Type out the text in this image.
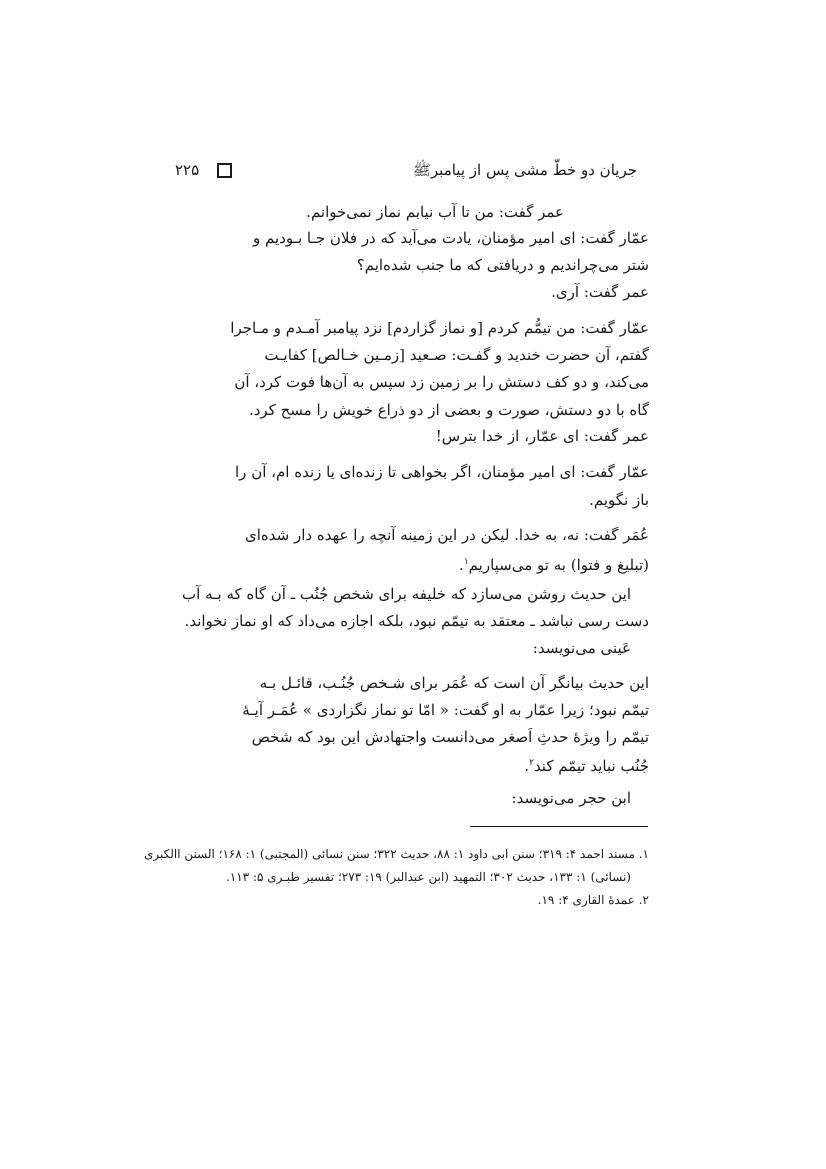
جریان دو خطّ مشی پس از پیامبرﷺ
۲۲۵
عمر گفت: من تا آب نیابم نماز نمی‌خوانم.
عمّار گفت: ای امیر مؤمنان، یادت می‌آید که در فلان جـا بـودیم و
شتر می‌چراندیم و دریافتی که ما جنب شده‌ایم؟
عمر گفت: آری.
عمّار گفت: من تیمُّم کردم [و نماز گزاردم] نزد پیامبر آمـدم و مـاجرا
گفتم، آن حضرت خندید و گفـت: صـعید [زمـین خـالص] کفایـت
می‌کند، و دو کف دستش را بر زمین زد سپس به آن‌ها فوت کرد، آن
گاه با دو دستش، صورت و بعضی از دو ذراع خویش را مسح کرد.
عمر گفت: ای عمّار، از خدا بترس!
عمّار گفت: ای امیر مؤمنان، اگر بخواهی تا زنده‌ای یا زنده ام، آن را
باز نگویم.
عُمَر گفت: نه، به خدا. لیکن در این زمینه آنچه را عهده دار شده‌ای
(تبلیغ و فتوا) به تو می‌سپاریم$^۱$.
این حدیث روشن می‌سازد که خلیفه برای شخص جُنُب ـ آن گاه که بـه آب
دست رسی نباشد ـ معتقد به تیمّم نبود، بلکه اجازه می‌داد که او نماز نخواند.
عَینی می‌نویسد:
این حدیث بیانگر آن است که عُمَر برای شـخص جُنُـب، قائـل بـه
تیمّم نبود؛ زیرا عمّار به او گفت: « امّا تو نماز نگزاردی » عُمَـر آیـهٔ
تیمّم را ویژهٔ حدثِ اَصغر می‌دانست واجتهادش این بود که شخص
جُنُب نباید تیمّم کند$^۲$.
ابن حجر می‌نویسد:
۱. مسند احمد ۴: ۳۱۹؛ سنن ابی داود ۱: ۸۸، حدیث ۳۲۲؛ سنن نسائی (المجتبی) ۱: ۱۶۸؛ السنن االکبری
(نسائی) ۱: ۱۳۳، حدیث ۳۰۲؛ التمهید (ابن عبدالبر) ۱۹: ۲۷۳؛ تفسیر طبـری ۵: ۱۱۳.
۲. عمدهٔ القاری ۴: ۱۹.
